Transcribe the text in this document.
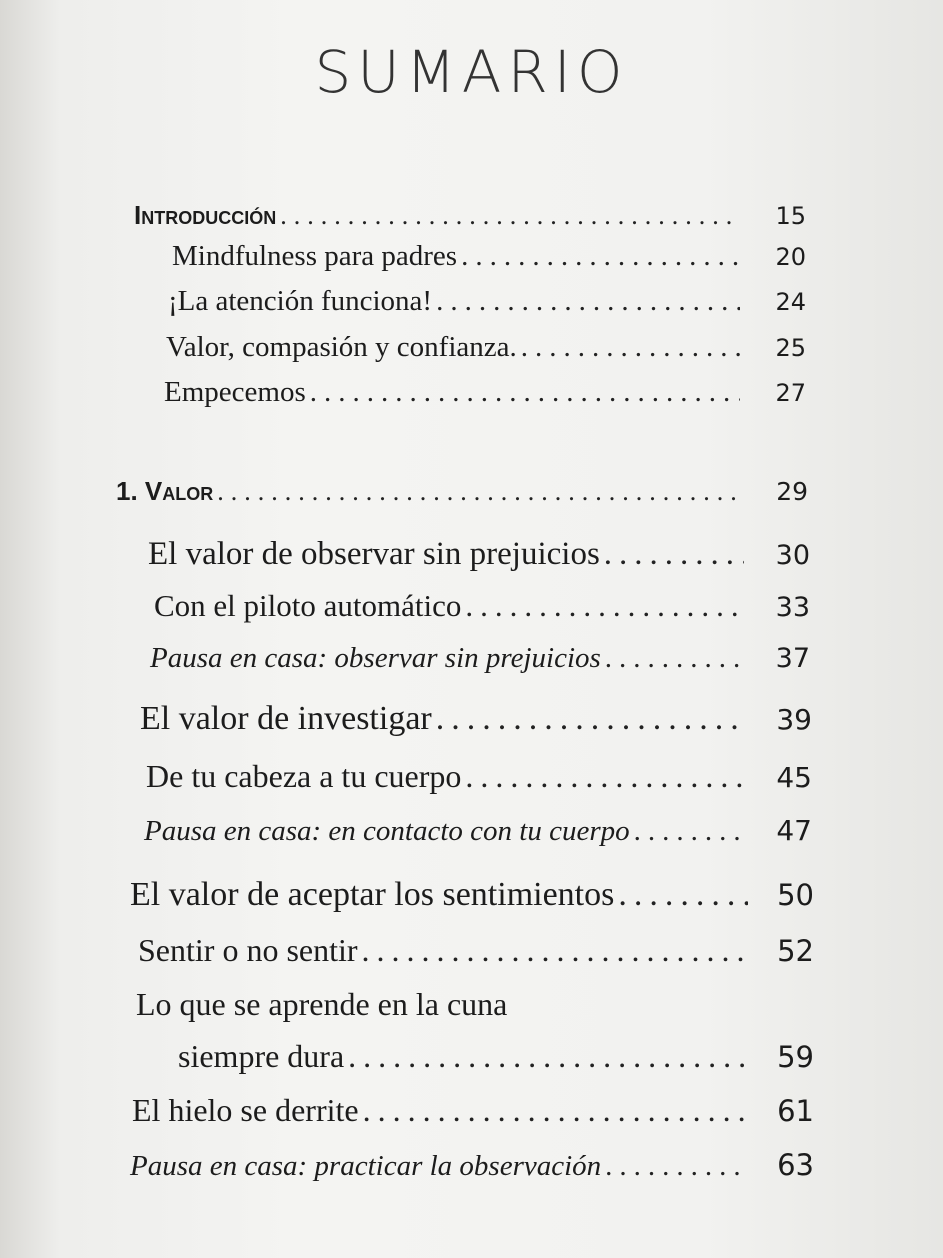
SUMARIO
Introducción .....	15
Mindfulness para padres .....	20
¡La atención funciona! .....	24
Valor, compasión y confianza. .....	25
Empecemos .....	27
1. Valor .....	29
El valor de observar sin prejuicios .....	30
Con el piloto automático .....	33
Pausa en casa: observar sin prejuicios .....	37
El valor de investigar .....	39
De tu cabeza a tu cuerpo .....	45
Pausa en casa: en contacto con tu cuerpo .....	47
El valor de aceptar los sentimientos .....	50
Sentir o no sentir .....	52
Lo que se aprende en la cuna
siempre dura .....	59
El hielo se derrite .....	61
Pausa en casa: practicar la observación .....	63
